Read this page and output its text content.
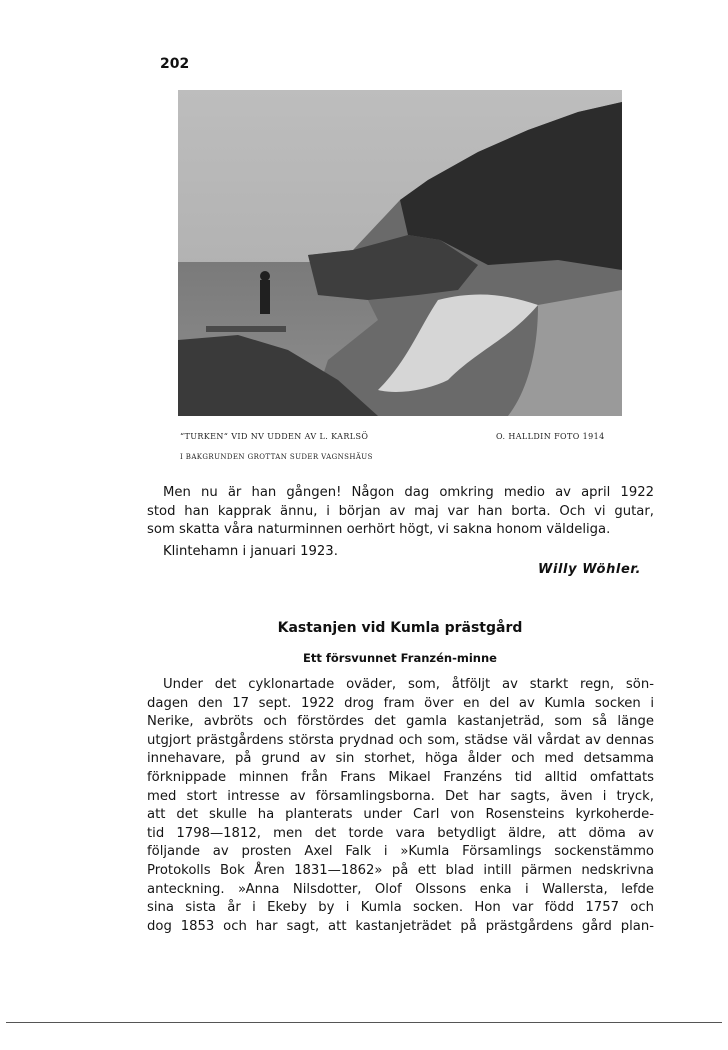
202
“TURKEN“ VID NV UDDEN AV L. KARLSÖ	O. HALLDIN FOTO 1914
I BAKGRUNDEN GROTTAN SUDER VAGNSHÄUS
Men nu är han gången! Någon dag omkring medio av april 1922
stod han kapprak ännu, i början av maj var han borta. Och vi gutar,
som skatta våra naturminnen oerhört högt, vi sakna honom väldeliga.
Klintehamn i januari 1923.
Willy Wöhler.
Kastanjen vid Kumla prästgård
Ett försvunnet Franzén-minne
Under det cyklonartade oväder, som, åtföljt av starkt regn, sön-
dagen den 17 sept. 1922 drog fram över en del av Kumla socken i
Nerike, avbröts och förstördes det gamla kastanjeträd, som så länge
utgjort prästgårdens största prydnad och som, städse väl vårdat av dennas
innehavare, på grund av sin storhet, höga ålder och med detsamma
förknippade minnen från Frans Mikael Franzéns tid alltid omfattats
med stort intresse av församlingsborna. Det har sagts, även i tryck,
att det skulle ha planterats under Carl von Rosensteins kyrkoherde-
tid 1798—1812, men det torde vara betydligt äldre, att döma av
följande av prosten Axel Falk i »Kumla Församlings sockenstämmo
Protokolls Bok Åren 1831—1862» på ett blad intill pärmen nedskrivna
anteckning. »Anna Nilsdotter, Olof Olssons enka i Wallersta, lefde
sina sista år i Ekeby by i Kumla socken. Hon var född 1757 och
dog 1853 och har sagt, att kastanjeträdet på prästgårdens gård plan-
